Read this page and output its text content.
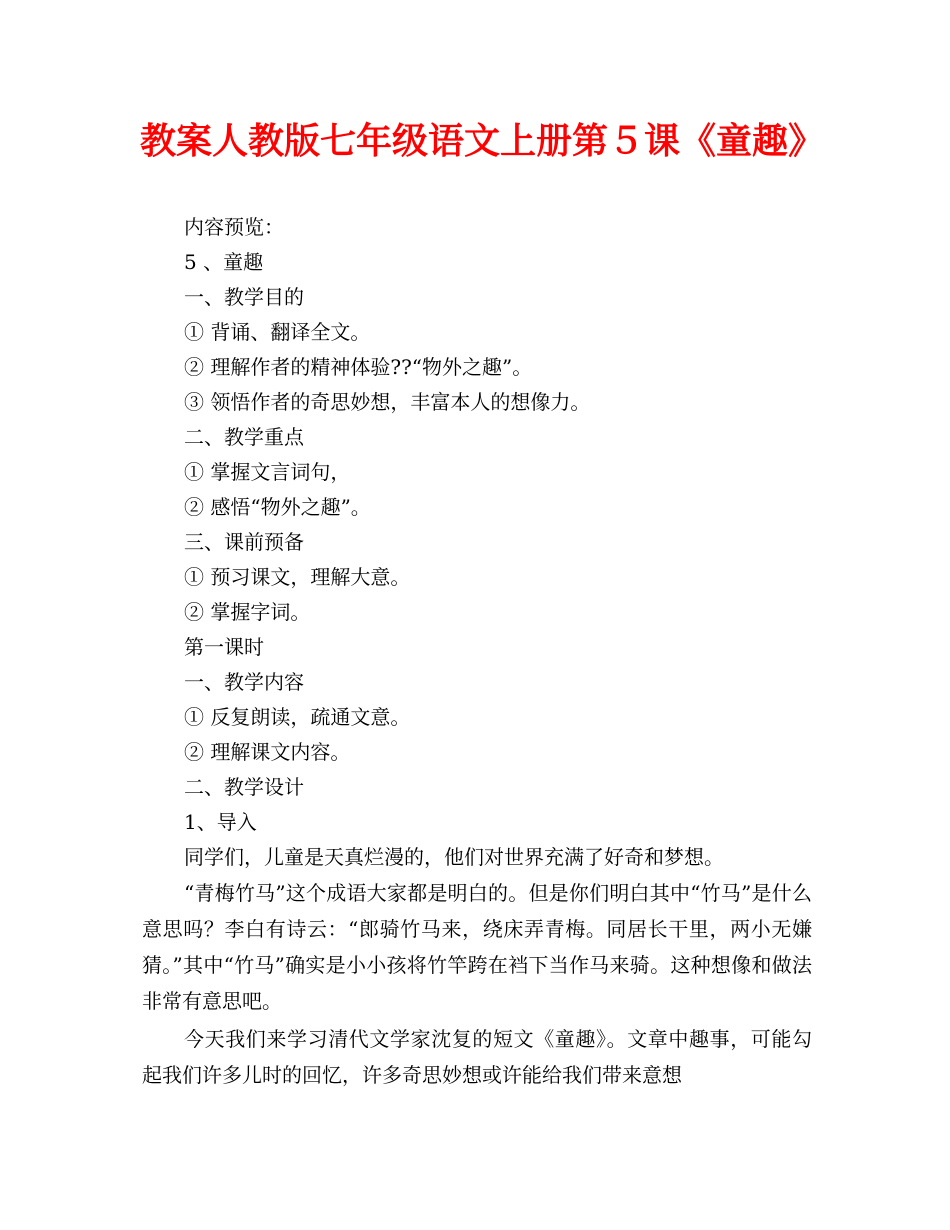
教案人教版七年级语文上册第５课《童趣》

内容预览：

5 、童趣

一、教学目的

① 背诵、翻译全文。

② 理解作者的精神体验??“物外之趣”。

③ 领悟作者的奇思妙想，丰富本人的想像力。

二、教学重点

① 掌握文言词句，

② 感悟“物外之趣”。

三、课前预备

① 预习课文，理解大意。

② 掌握字词。

第一课时

一、教学内容

① 反复朗读，疏通文意。

② 理解课文内容。

二、教学设计

1、导入

同学们，儿童是天真烂漫的，他们对世界充满了好奇和梦想。

“青梅竹马”这个成语大家都是明白的。但是你们明白其中“竹马”是什么意思吗？李白有诗云：“郎骑竹马来，绕床弄青梅。同居长干里，两小无嫌猜。”其中“竹马”确实是小小孩将竹竿跨在裆下当作马来骑。这种想像和做法非常有意思吧。

今天我们来学习清代文学家沈复的短文《童趣》。文章中趣事，可能勾起我们许多儿时的回忆，许多奇思妙想或许能给我们带来意想
